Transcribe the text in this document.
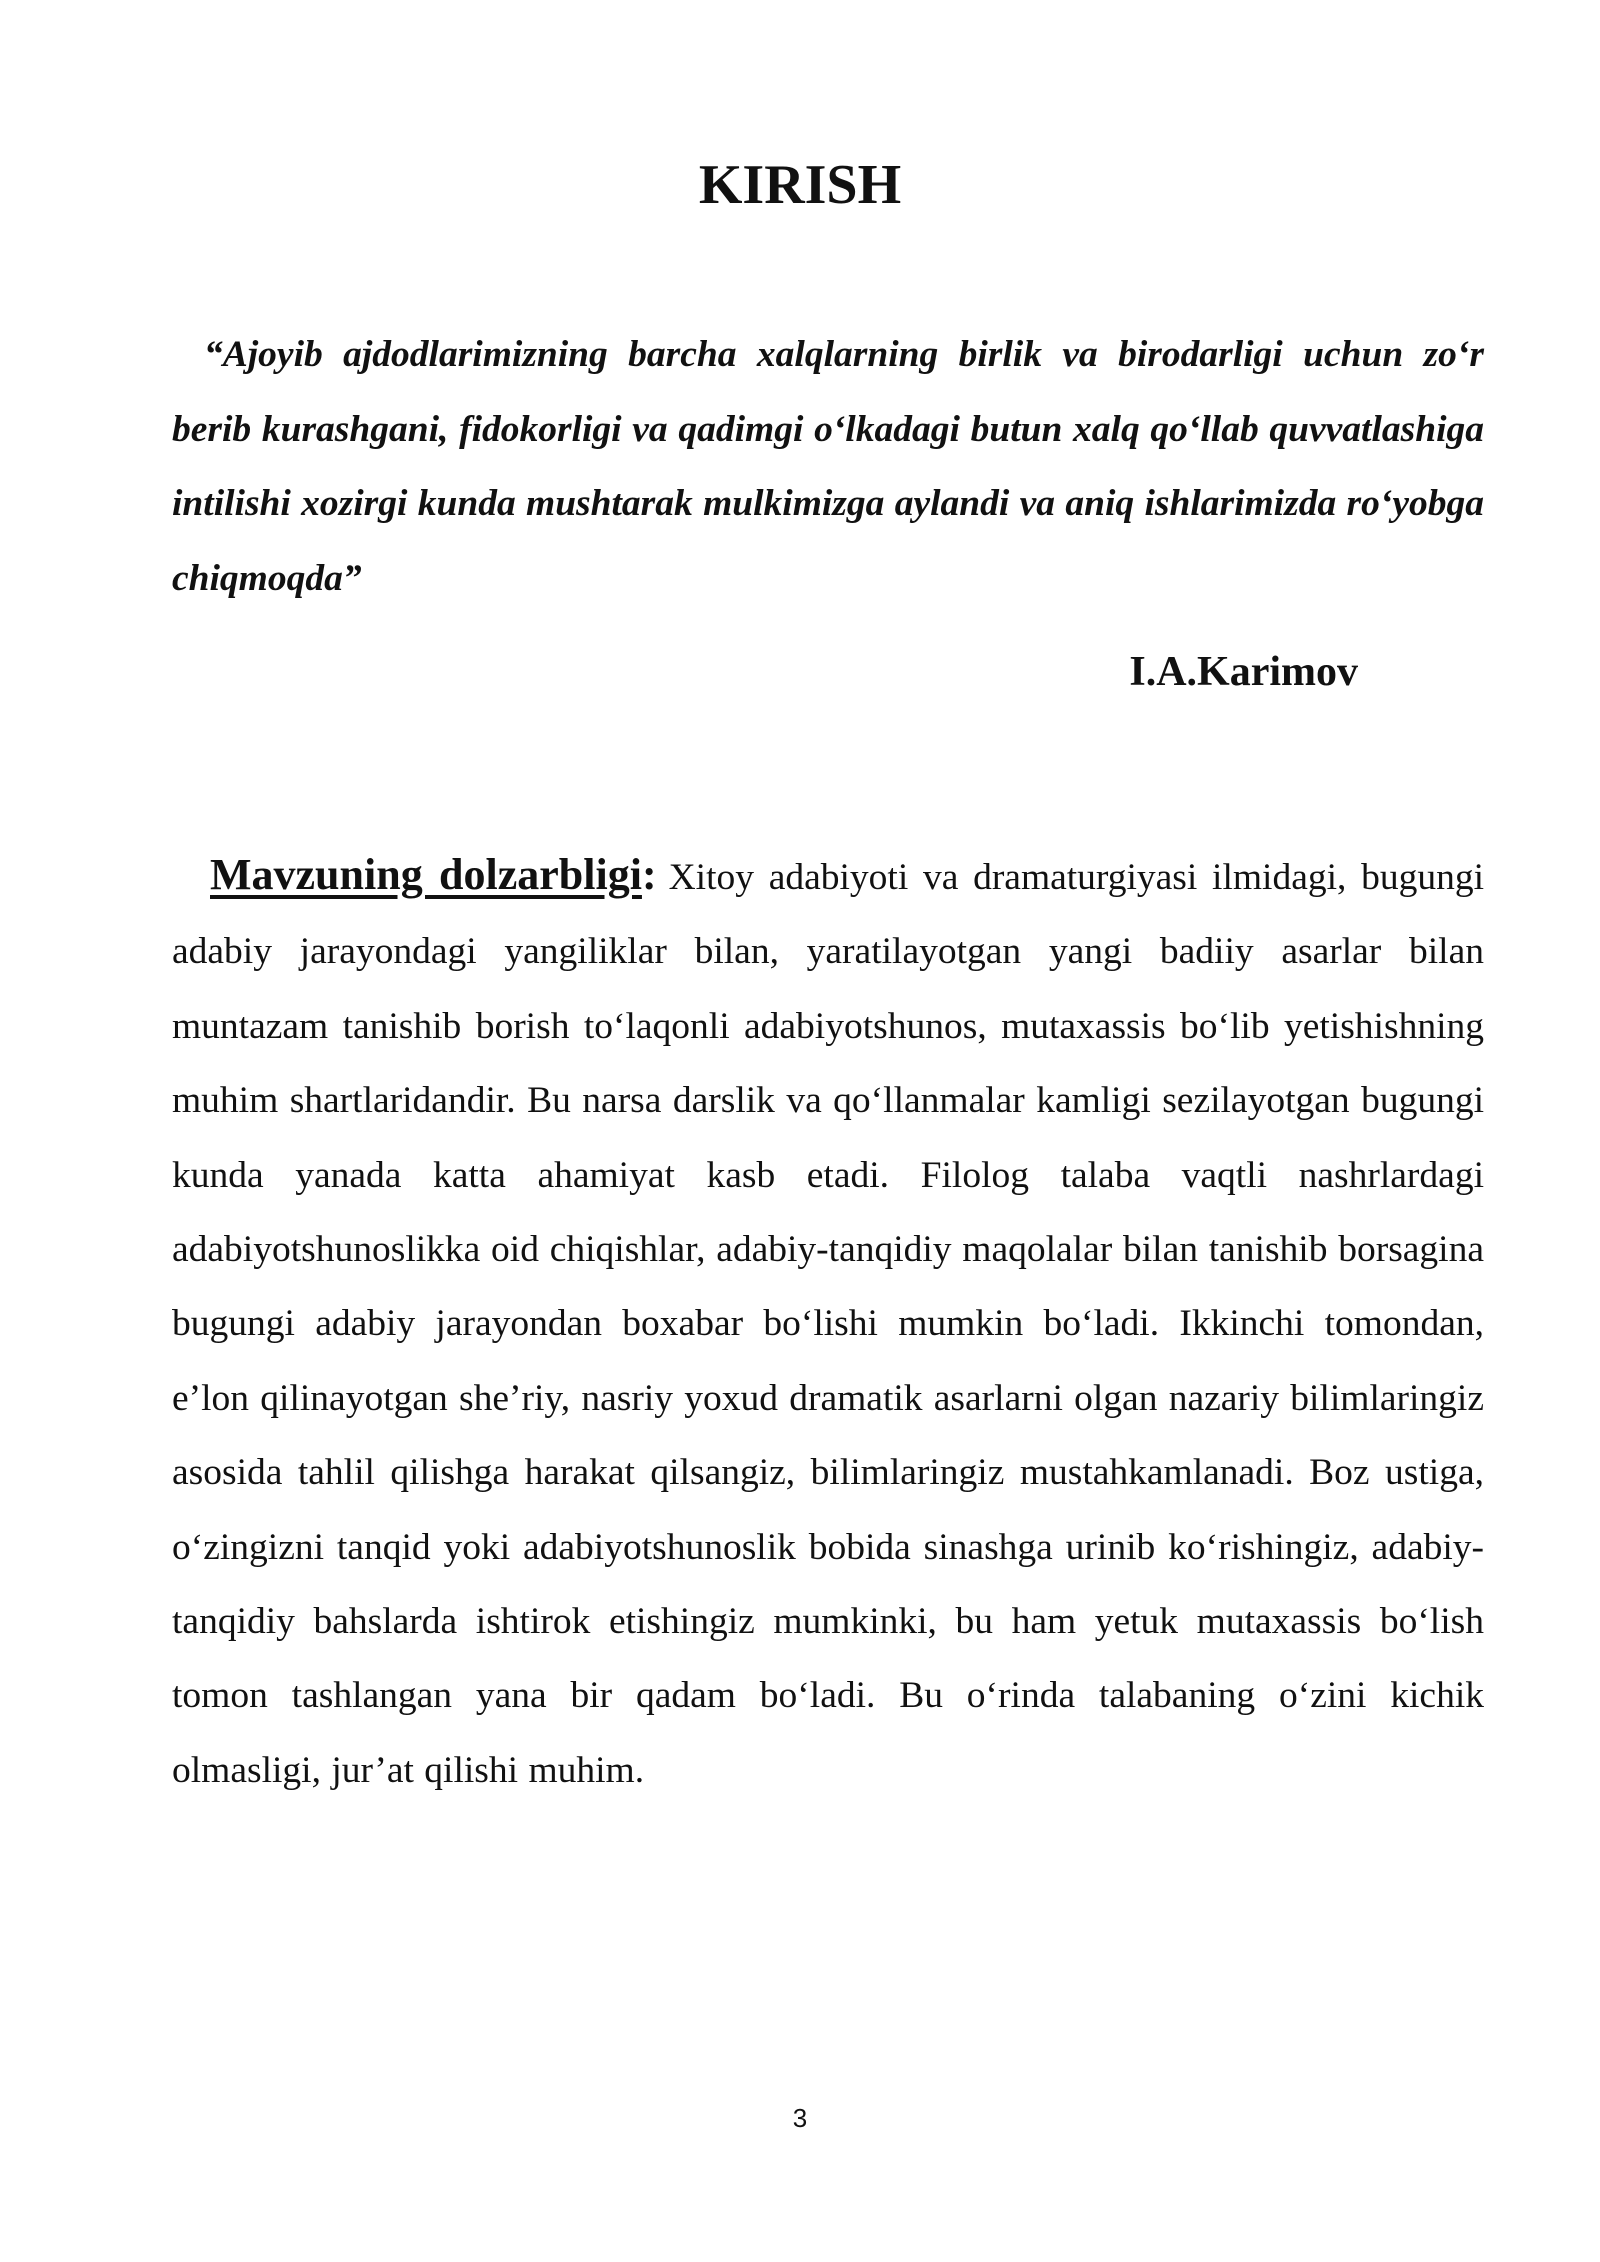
KIRISH

“Ajoyib ajdodlarimizning barcha xalqlarning birlik va birodarligi uchun zo‘r berib kurashgani, fidokorligi va qadimgi o‘lkadagi butun xalq qo‘llab quvvatlashiga intilishi xozirgi kunda mushtarak mulkimizga aylandi va aniq ishlarimizda ro‘yobga chiqmoqda”

I.A.Karimov

Mavzuning dolzarbligi: Xitoy adabiyoti va dramaturgiyasi ilmidagi, bugungi adabiy jarayondagi yangiliklar bilan, yaratilayotgan yangi badiiy asarlar bilan muntazam tanishib borish to‘laqonli adabiyotshunos, mutaxassis bo‘lib yetishishning muhim shartlaridandir. Bu narsa darslik va qo‘llanmalar kamligi sezilayotgan bugungi kunda yanada katta ahamiyat kasb etadi. Filolog talaba vaqtli nashrlardagi adabiyotshunoslikka oid chiqishlar, adabiy-tanqidiy maqolalar bilan tanishib borsagina bugungi adabiy jarayondan boxabar bo‘lishi mumkin bo‘ladi. Ikkinchi tomondan, e’lon qilinayotgan she’riy, nasriy yoxud dramatik asarlarni olgan nazariy bilimlaringiz asosida tahlil qilishga harakat qilsangiz, bilimlaringiz mustahkamlanadi. Boz ustiga, o‘zingizni tanqid yoki adabiyotshunoslik bobida sinashga urinib ko‘rishingiz, adabiy-tanqidiy bahslarda ishtirok etishingiz mumkinki, bu ham yetuk mutaxassis bo‘lish tomon tashlangan yana bir qadam bo‘ladi. Bu o‘rinda talabaning o‘zini kichik olmasligi, jur’at qilishi muhim.

3
